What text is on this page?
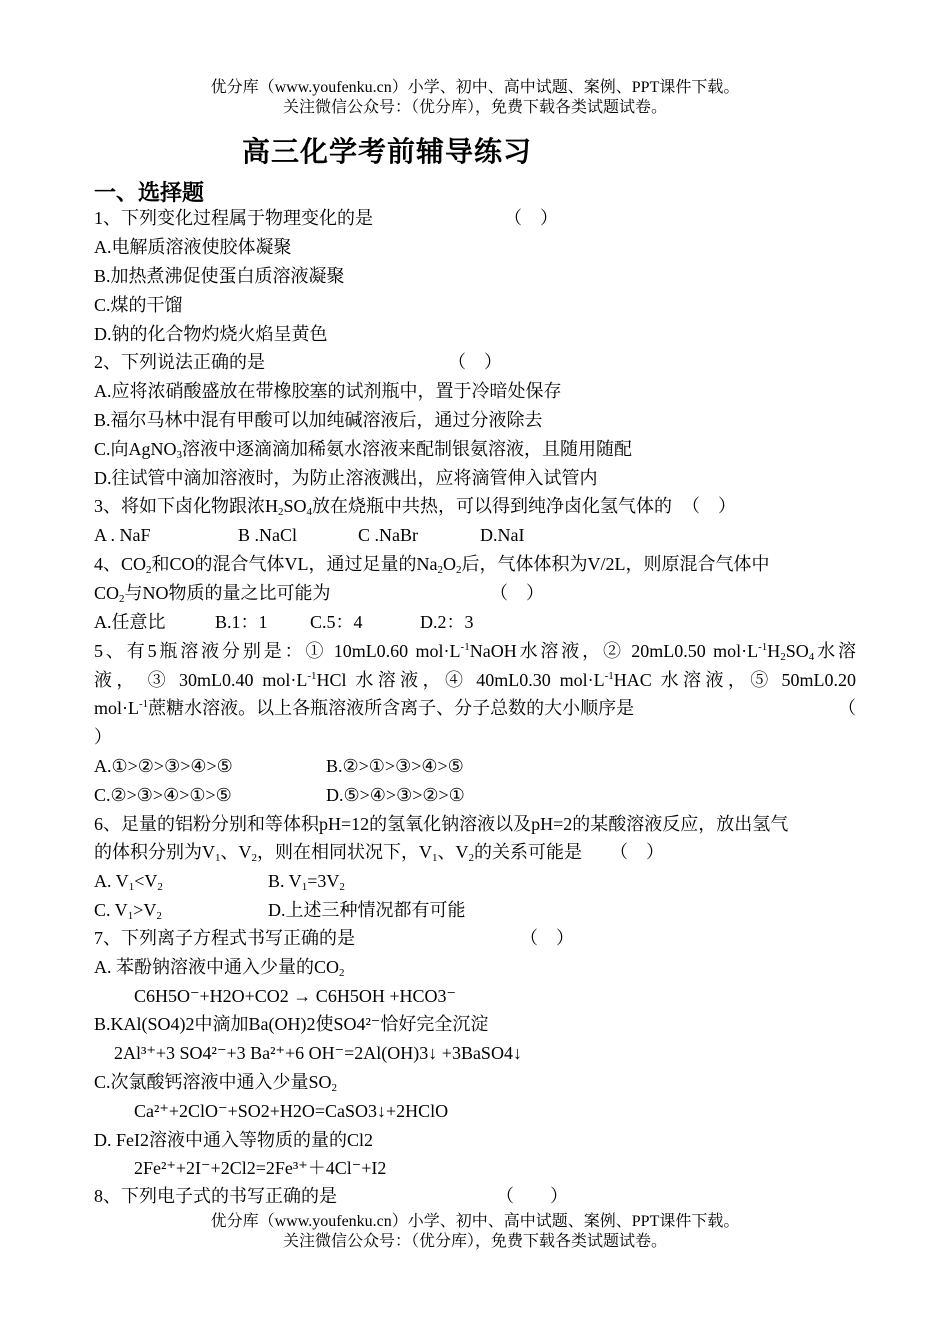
优分库（www.youfenku.cn）小学、初中、高中试题、案例、PPT课件下载。
关注微信公众号：（优分库），免费下载各类试题试卷。
高三化学考前辅导练习
一、选择题
1、下列变化过程属于物理变化的是	（　）
A.电解质溶液使胶体凝聚
B.加热煮沸促使蛋白质溶液凝聚
C.煤的干馏
D.钠的化合物灼烧火焰呈黄色
2、下列说法正确的是	（　）
A.应将浓硝酸盛放在带橡胶塞的试剂瓶中，置于冷暗处保存
B.福尔马林中混有甲酸可以加纯碱溶液后，通过分液除去
C.向AgNO$_3$溶液中逐滴滴加稀氨水溶液来配制银氨溶液，且随用随配
D.往试管中滴加溶液时，为防止溶液溅出，应将滴管伸入试管内
3、将如下卤化物跟浓$H_2SO_4$放在烧瓶中共热，可以得到纯净卤化氢气体的 （　）
A . NaF	B .NaCl	C .NaBr	D.NaI
4、$CO_2$和CO的混合气体VL，通过足量的$Na_2O_2$后，气体体积为V/2L，则原混合气体中
$CO_2$与NO物质的量之比可能为	（　）
A.任意比	B.1：1 C.5：4	D.2：3
5、有5瓶溶液分别是：① 10mL0.60 $mol\cdot L^{-1}NaOH$水溶液，② 20mL0.50 $mol\cdot L^{-1}H_2SO_4$水溶
液， ③ 30mL0.40 $mol\cdot L^{-1}HCl$ 水溶液，④ 40mL0.30 $mol\cdot L^{-1}HAC$ 水溶液，⑤ 50mL0.20
$mol\cdot L^{-1}$蔗糖水溶液。以上各瓶溶液所含离子、分子总数的大小顺序是	（
）
A.①>②>③>④>⑤	B.②>①>③>④>⑤
C.②>③>④>①>⑤	D.⑤>④>③>②>①
6、足量的铝粉分别和等体积pH=12的氢氧化钠溶液以及pH=2的某酸溶液反应，放出氢气
的体积分别为$V_1$、$V_2$，则在相同状况下，$V_1$、$V_2$的关系可能是 （　）
A. $V_1<V_2$	B. $V_1=3V_2$
C. $V_1>V_2$	D.上述三种情况都有可能
7、下列离子方程式书写正确的是	（　）
A. 苯酚钠溶液中通入少量的$CO_2$
C6H5O⁻+H2O+CO2 → C6H5OH +HCO3⁻
B.KAl(SO4)2中滴加Ba(OH)2使SO4²⁻恰好完全沉淀
2Al³⁺+3 SO4²⁻+3 Ba²⁺+6 OH⁻=2Al(OH)3↓ +3BaSO4↓
C.次氯酸钙溶液中通入少量$SO_2$
Ca²⁺+2ClO⁻+SO2+H2O=CaSO3↓+2HClO
D. FeI2溶液中通入等物质的量的Cl2
2Fe²⁺+2I⁻+2Cl2=2Fe³⁺＋4Cl⁻+I2
8、下列电子式的书写正确的是	（　　）
优分库（www.youfenku.cn）小学、初中、高中试题、案例、PPT课件下载。
关注微信公众号：（优分库），免费下载各类试题试卷。
